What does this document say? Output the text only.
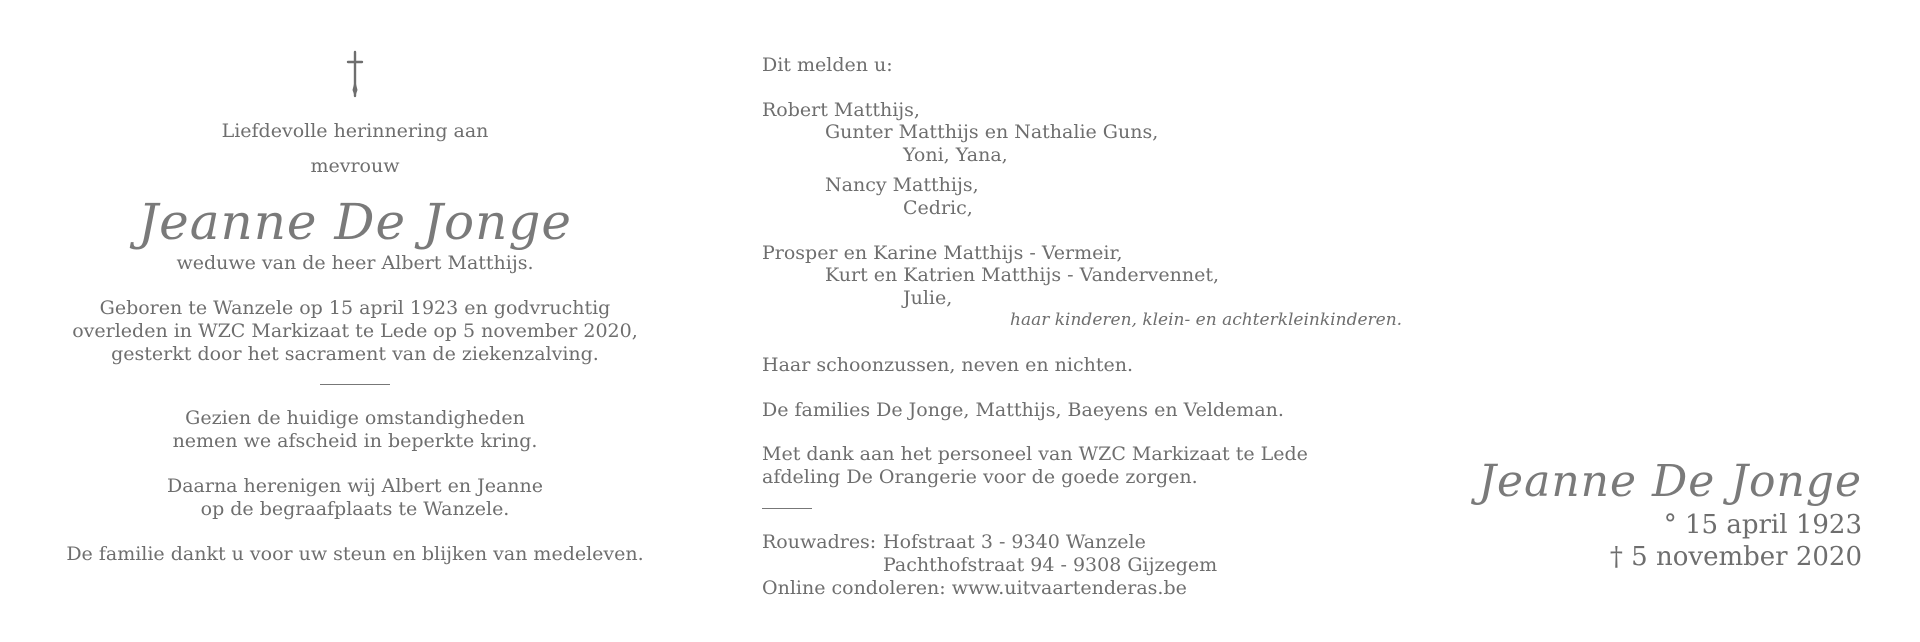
Liefdevolle herinnering aan
mevrouw
Jeanne De Jonge
weduwe van de heer Albert Matthijs.
Geboren te Wanzele op 15 april 1923 en godvruchtig
overleden in WZC Markizaat te Lede op 5 november 2020,
gesterkt door het sacrament van de ziekenzalving.
Gezien de huidige omstandigheden
nemen we afscheid in beperkte kring.
Daarna herenigen wij Albert en Jeanne
op de begraafplaats te Wanzele.
De familie dankt u voor uw steun en blijken van medeleven.
Dit melden u:
Robert Matthijs,
Gunter Matthijs en Nathalie Guns,
Yoni, Yana,
Nancy Matthijs,
Cedric,
Prosper en Karine Matthijs - Vermeir,
Kurt en Katrien Matthijs - Vandervennet,
Julie,
haar kinderen, klein- en achterkleinkinderen.
Haar schoonzussen, neven en nichten.
De families De Jonge, Matthijs, Baeyens en Veldeman.
Met dank aan het personeel van WZC Markizaat te Lede
afdeling De Orangerie voor de goede zorgen.
Rouwadres: Hofstraat 3 - 9340 Wanzele
Pachthofstraat 94 - 9308 Gijzegem
Online condoleren: www.uitvaartenderas.be
Jeanne De Jonge
° 15 april 1923
† 5 november 2020
